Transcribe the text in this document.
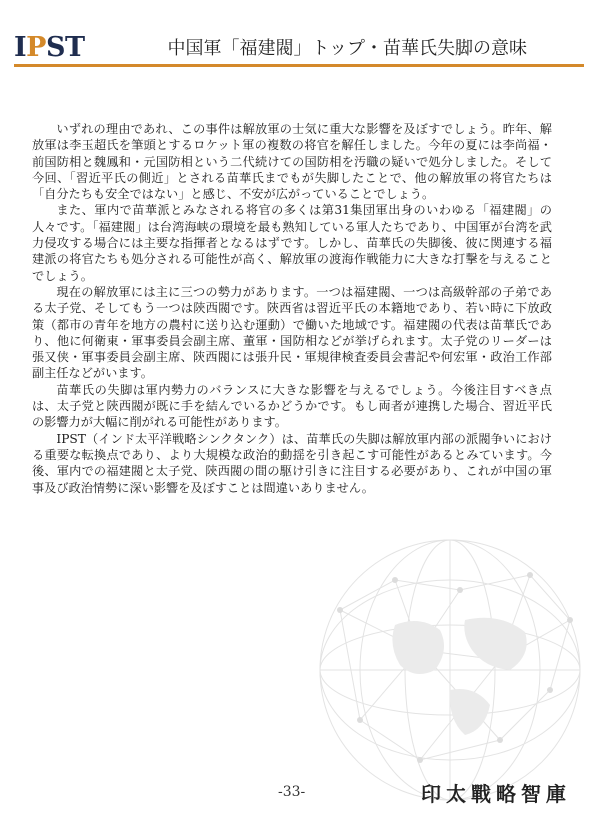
IPST	中国軍「福建閥」トップ・苗華氏失脚の意味

いずれの理由であれ、この事件は解放軍の士気に重大な影響を及ぼすでしょう。昨年、解放軍は李玉超氏を筆頭とするロケット軍の複数の将官を解任しました。今年の夏には李尚福・前国防相と魏鳳和・元国防相という二代続けての国防相を汚職の疑いで処分しました。そして今回、「習近平氏の側近」とされる苗華氏までもが失脚したことで、他の解放軍の将官たちは「自分たちも安全ではない」と感じ、不安が広がっていることでしょう。

また、軍内で苗華派とみなされる将官の多くは第31集団軍出身のいわゆる「福建閥」の人々です。「福建閥」は台湾海峡の環境を最も熟知している軍人たちであり、中国軍が台湾を武力侵攻する場合には主要な指揮者となるはずです。しかし、苗華氏の失脚後、彼に関連する福建派の将官たちも処分される可能性が高く、解放軍の渡海作戦能力に大きな打撃を与えることでしょう。

現在の解放軍には主に三つの勢力があります。一つは福建閥、一つは高級幹部の子弟である太子党、そしてもう一つは陝西閥です。陝西省は習近平氏の本籍地であり、若い時に下放政策（都市の青年を地方の農村に送り込む運動）で働いた地域です。福建閥の代表は苗華氏であり、他に何衛東・軍事委員会副主席、董軍・国防相などが挙げられます。太子党のリーダーは張又侠・軍事委員会副主席、陝西閥には張升民・軍規律検査委員会書記や何宏軍・政治工作部副主任などがいます。

苗華氏の失脚は軍内勢力のバランスに大きな影響を与えるでしょう。今後注目すべき点は、太子党と陝西閥が既に手を結んでいるかどうかです。もし両者が連携した場合、習近平氏の影響力が大幅に削がれる可能性があります。

IPST（インド太平洋戦略シンクタンク）は、苗華氏の失脚は解放軍内部の派閥争いにおける重要な転換点であり、より大規模な政治的動揺を引き起こす可能性があるとみています。今後、軍内での福建閥と太子党、陝西閥の間の駆け引きに注目する必要があり、これが中国の軍事及び政治情勢に深い影響を及ぼすことは間違いありません。

-33-	印太戰略智庫
